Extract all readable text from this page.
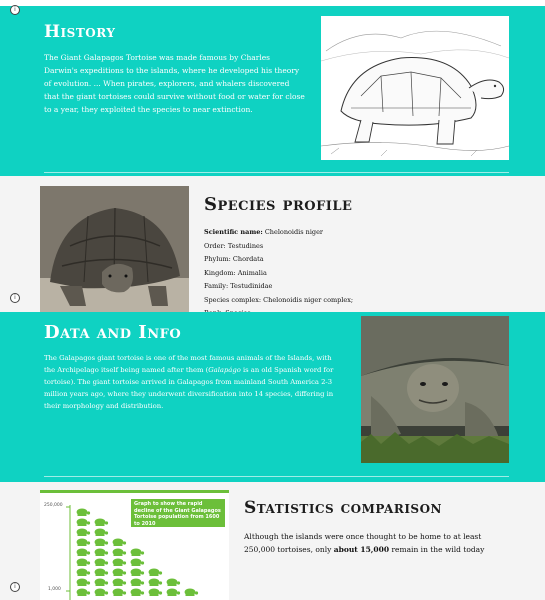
History

The Giant Galapagos Tortoise was made famous by Charles Darwin's expeditions to the islands, where he developed his theory of evolution. ... When pirates, explorers, and whalers discovered that the giant tortoises could survive without food or water for close to a year, they exploited the species to near extinction.

Species profile
Scientific name: Chelonoidis niger
Order: Testudines
Phylum: Chordata
Kingdom: Animalia
Family: Testudinidae
Species complex: Chelonoidis niger complex;
Data and Info

The Galapagos giant tortoise is one of the most famous animals of the Islands, with the Archipelago itself being named after them (Galapágo is an old Spanish word for tortoise). The giant tortoise arrived in Galapagos from mainland South America 2-3 million years ago, where they underwent diversification into 14 species, differing in their morphology and distribution.

Graph to show the rapid decline of the Giant Galapagos Tortoise population from 1600 to 2010
250,000
1,000
Statistics comparison

Although the islands were once thought to be home to at least 250,000 tortoises, only about 15,000 remain in the wild today

i
i
i
